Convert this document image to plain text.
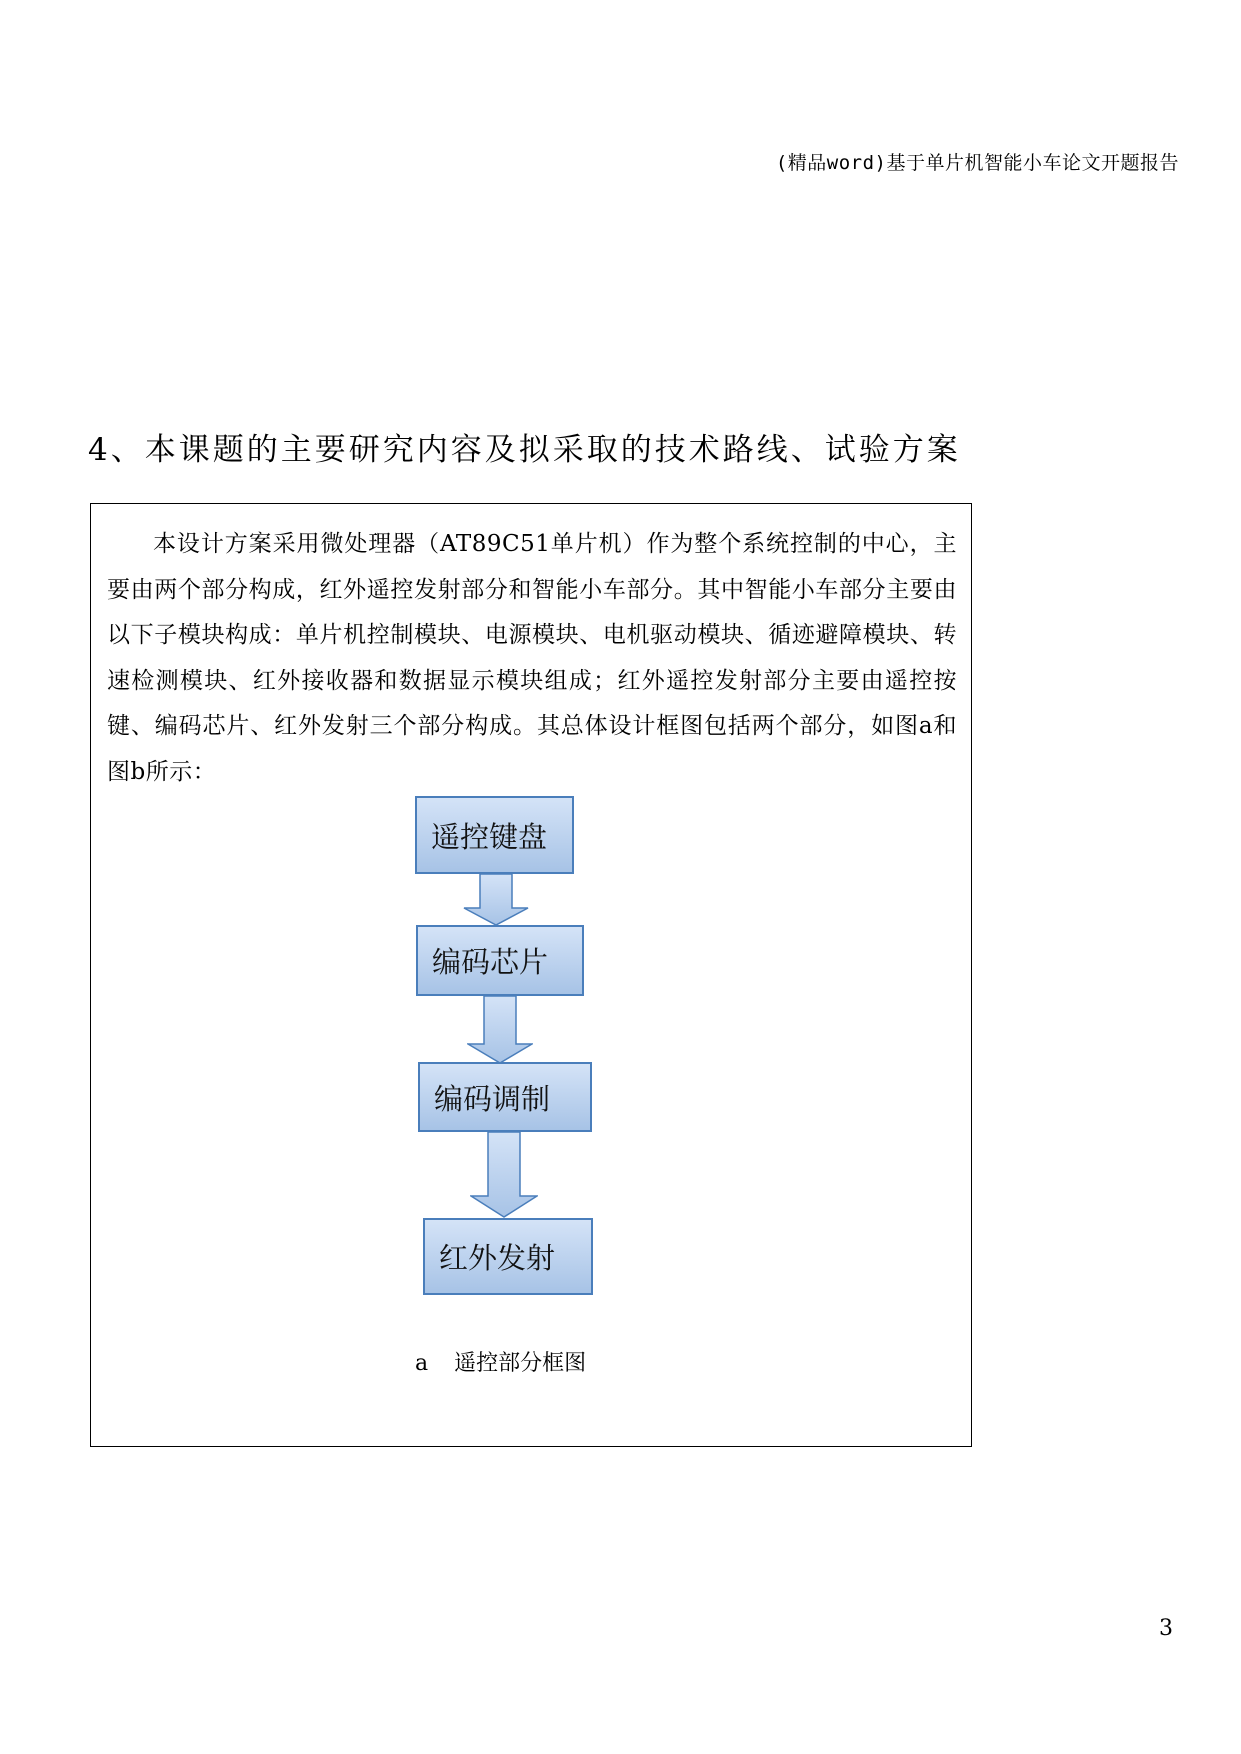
(精品word)基于单片机智能小车论文开题报告
4、本课题的主要研究内容及拟采取的技术路线、试验方案

本设计方案采用微处理器（AT89C51单片机）作为整个系统控制的中心，主要由两个部分构成，红外遥控发射部分和智能小车部分。其中智能小车部分主要由以下子模块构成：单片机控制模块、电源模块、电机驱动模块、循迹避障模块、转速检测模块、红外接收器和数据显示模块组成；红外遥控发射部分主要由遥控按键、编码芯片、红外发射三个部分构成。其总体设计框图包括两个部分，如图a和图b所示：

遥控键盘
编码芯片
编码调制
红外发射
a 遥控部分框图
3
